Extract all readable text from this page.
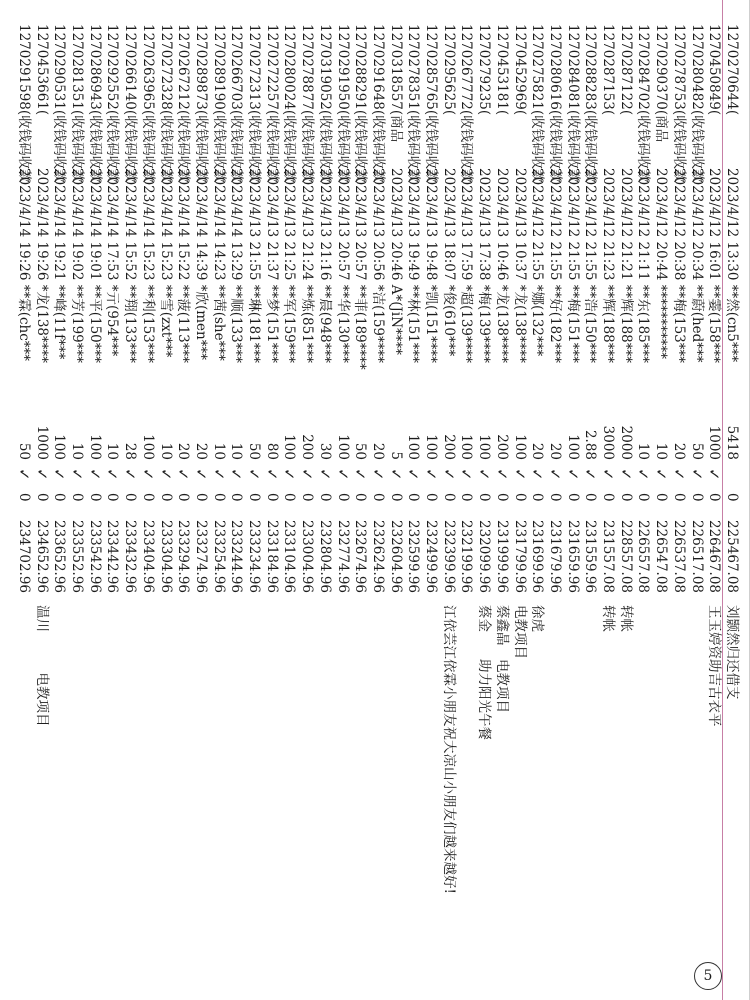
1270270644(
2023/4/12 13:30 **然(cn5***
5418
0
225467.08
刘颢然归还借支
1270450849(
2023/4/12 16:01 **霎(158***
1000
✓
0
226467.08
王玉婷资助吉古衣平
1270280482(收钱码收款
2023/4/12 20:34 **蔚(hed***
50
✓
0
226517.08
1270278753(收钱码收款
2023/4/12 20:38 **梅(153***
20
✓
0
226537.08
1270290370(商品
2023/4/12 20:44 ***********
10
✓
0
226547.08
1270284702(收钱码收款
2023/4/12 21:11 **东(185***
10
✓
0
226557.08
1270287122(
2023/4/12 21:21 **辉(188***
2000
✓
0
228557.08
转帐
1270287153(
2023/4/12 21:23 **辉(188***
3000
✓
0
231557.08
转帐
1270288283(收钱码收款
2023/4/12 21:55 **浩(150***
2.88
✓
0
231559.96
1270284081(收钱码收款
2023/4/12 21:55 **梅(151***
100
✓
0
231659.96
1270280616(收钱码收款
2023/4/12 21:55 **好(182***
20
✓
0
231679.96
1270275821(收钱码收款
2023/4/12 21:55 *娜(132***
20
✓
0
231699.96
徐虎
1270452969(
2023/4/13 10:37 *龙(138****
100
✓
0
231799.96
电教项目
1270453181(
2023/4/13 10:46 *龙(138****
200
✓
0
231999.96
蔡鑫晶　电教项目
1270279235(
2023/4/13 17:38 *梅(139****
100
✓
0
232099.96
蔡金　　助力阳光午餐
1270267772(收钱码收款
2023/4/13 17:59 *超(139****
100
✓
0
232199.96
1270295625(
2023/4/13 18:07 *俊(610***
200
✓
0
232399.96
江依芸江依霖小朋友祝大凉山小朋友们越来越好!
1270285765(收钱码收款
2023/4/13 19:48 *凯(151****
100
✓
0
232499.96
1270278351(收钱码收款
2023/4/13 19:49 **林(151***
100
✓
0
232599.96
1270318557(商品
2023/4/13 20:46 A*(JiN****
5
✓
0
232604.96
1270291648(收钱码收款
2023/4/13 20:56 *洁(159****
20
✓
0
232624.96
1270288291(收钱码收款
2023/4/13 20:57 **菲(189****
50
✓
0
232674.96
1270291950(收钱码收款
2023/4/13 20:57 **华(130***
100
✓
0
232774.96
1270319052(收钱码收款
2023/4/13 21:16 **晨(948***
30
✓
0
232804.96
1270278877(收钱码收款
2023/4/13 21:24 **炼(851***
200
✓
0
233004.96
1270280024(收钱码收款
2023/4/13 21:25 **军(159***
100
✓
0
233104.96
1270272257(收钱码收款
2023/4/13 21:37 **梦(151***
80
✓
0
233184.96
1270272313(收钱码收款
2023/4/13 21:55 **琳(181***
50
✓
0
233234.96
1270266703(收钱码收款
2023/4/14 13:29 **顺(133***
10
✓
0
233244.96
1270289190(收钱码收款
2023/4/14 14:23 **茜(she***
10
✓
0
233254.96
1270289873(收钱码收款
2023/4/14 14:39 *欣(men***
20
✓
0
233274.96
1270267212(收钱码收款
2023/4/14 15:22 **菠(113***
20
✓
0
233294.96
1270272328(收钱码收款
2023/4/14 15:23 **雪(zxt***
10
✓
0
233304.96
1270263965(收钱码收款
2023/4/14 15:23 **利(153***
100
✓
0
233404.96
1270266140(收钱码收款
2023/4/14 15:52 **翔(133***
28
✓
0
233432.96
1270292552(收钱码收款
2023/4/14 17:53 *亓(954***
10
✓
0
233442.96
1270286943(收钱码收款
2023/4/14 19:01 **平(150***
100
✓
0
233542.96
1270281351(收钱码收款
2023/4/14 19:02 **芳(199***
10
✓
0
233552.96
1270290531(收钱码收款
2023/4/14 19:21 **峰(11f***
100
✓
0
233652.96
1270453661(
2023/4/14 19:26 *龙(138****
1000
✓
0
234652.96
温川　　　电教项目
1270291598(收钱码收款
2023/4/14 19:26 **霖(chc***
50
✓
0
234702.96
5
